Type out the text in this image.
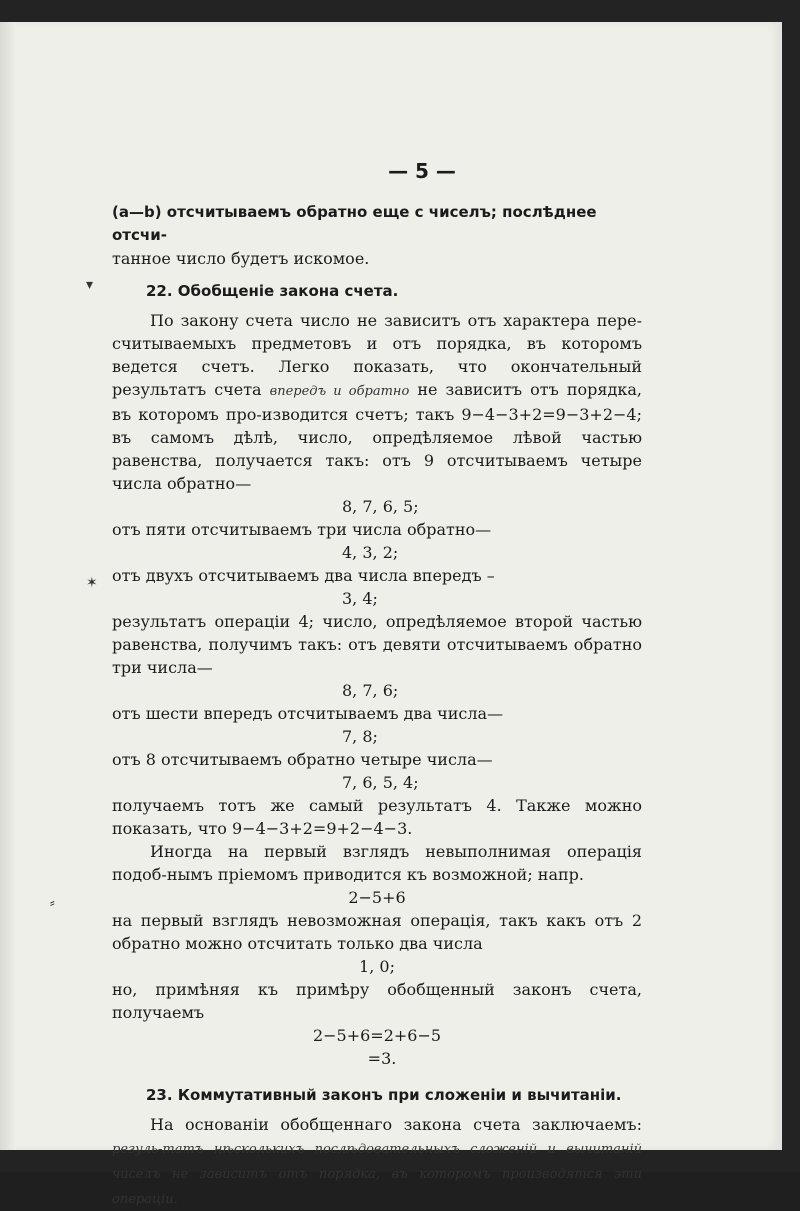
▾
✶
⸗
— 5 —

(a—b) отсчитываемъ обратно еще с чиселъ; послѣднее отсчи-

танное число будетъ искомое.

22. Обобщеніе закона счета.

По закону счета число не зависитъ отъ характера пере-считываемыхъ предметовъ и отъ порядка, въ которомъ ведется счетъ. Легко показать, что окончательный результатъ счета впередъ и обратно не зависитъ отъ порядка, въ которомъ про-изводится счетъ; такъ 9−4−3+2=9−3+2−4; въ самомъ дѣлѣ, число, опредѣляемое лѣвой частью равенства, получается такъ: отъ 9 отсчитываемъ четыре числа обратно—

8, 7, 6, 5;

отъ пяти отсчитываемъ три числа обратно—

4, 3, 2;

отъ двухъ отсчитываемъ два числа впередъ –

3, 4;

результатъ операціи 4; число, опредѣляемое второй частью равенства, получимъ такъ: отъ девяти отсчитываемъ обратно три числа—

8, 7, 6;

отъ шести впередъ отсчитываемъ два числа—

7, 8;

отъ 8 отсчитываемъ обратно четыре числа—

7, 6, 5, 4;

получаемъ тотъ же самый результатъ 4. Также можно показать, что 9−4−3+2=9+2−4−3.

Иногда на первый взглядъ невыполнимая операція подоб-нымъ пріемомъ приводится къ возможной; напр.

2−5+6

на первый взглядъ невозможная операція, такъ какъ отъ 2 обратно можно отсчитать только два числа

1, 0;

но, примѣняя къ примѣру обобщенный законъ счета, получаемъ

2−5+6=2+6−5

=3.

23. Коммутативный законъ при сложеніи и вычитаніи.

На основаніи обобщеннаго закона счета заключаемъ: резуль-татъ нѣсколькихъ послѣдовательныхъ сложеній и вычитаній чиселъ не зависитъ отъ порядка, въ которомъ производятся эти операціи.
